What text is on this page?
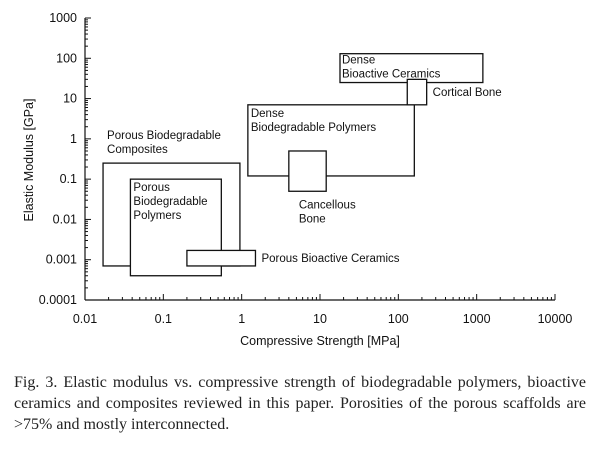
0.0001
0.001
0.01
0.1
1
10
100
1000
0.01	0.1	1	10	100	1000	10000
Porous Biodegradable
Composites
Porous
Biodegradable
Polymers
Porous Bioactive Ceramics
Dense
Biodegradable Polymers
Cancellous
Bone
Dense
Bioactive Ceramics
Cortical Bone
Compressive Strength [MPa]
Elastic Modulus [GPa]

Fig. 3. Elastic modulus vs. compressive strength of biodegradable polymers, bioactive ceramics and composites reviewed in this paper. Porosities of the porous scaffolds are >75% and mostly interconnected.
